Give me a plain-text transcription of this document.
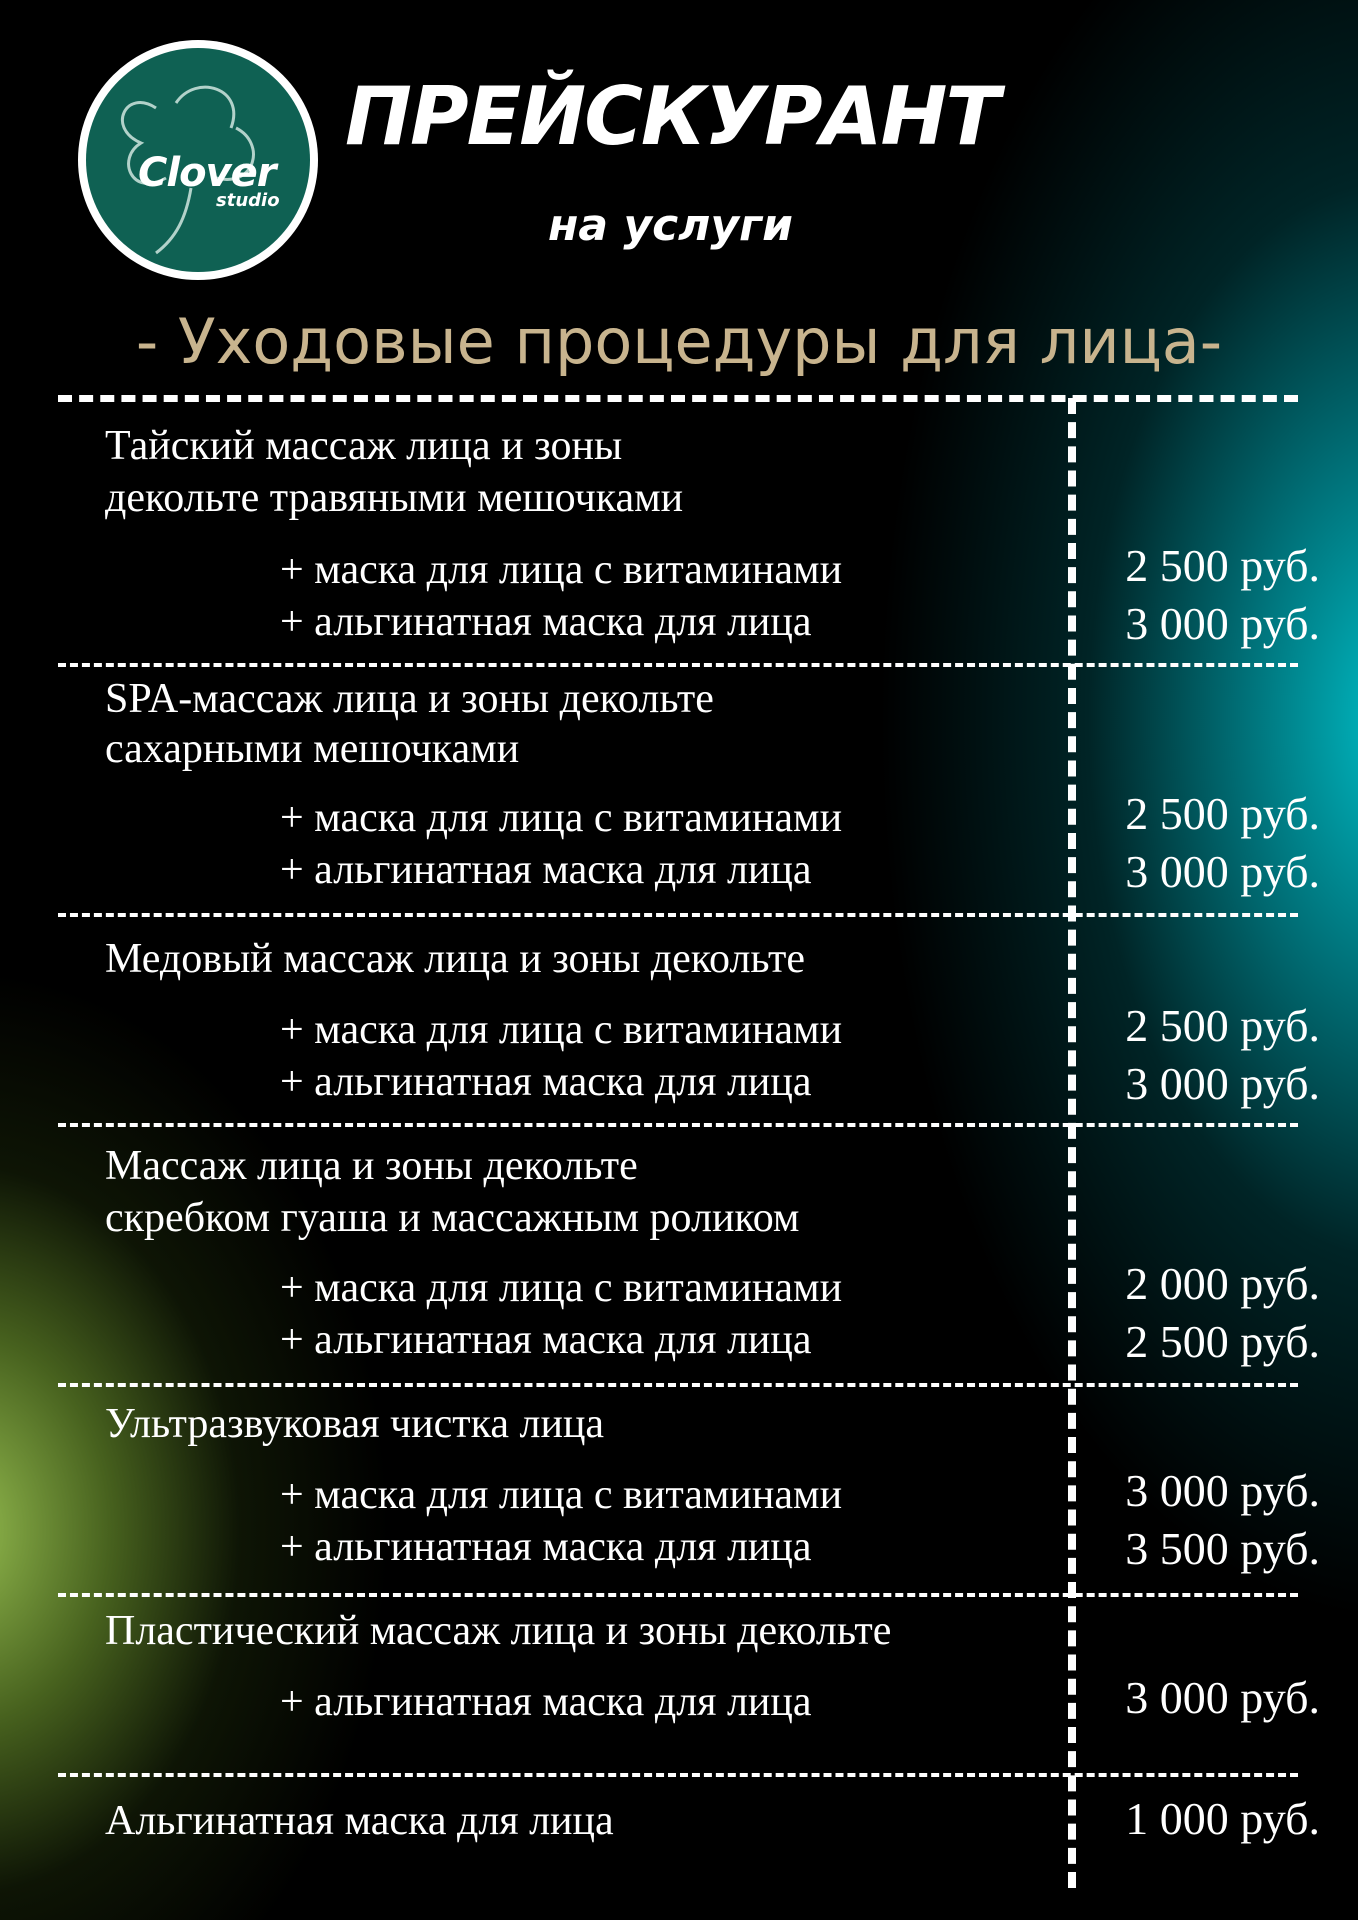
Clover
studio
ПРЕЙСКУРАНТ
на услуги
- Уходовые процедуры для лица-
Тайский массаж лица и зоны
декольте травяными мешочками
+ маска для лица с витаминами
+ альгинатная маска для лица
2 500 руб.
3 000 руб.
SPA-массаж лица и зоны декольте
сахарными мешочками
+ маска для лица с витаминами
+ альгинатная маска для лица
2 500 руб.
3 000 руб.
Медовый массаж лица и зоны декольте
+ маска для лица с витаминами
+ альгинатная маска для лица
2 500 руб.
3 000 руб.
Массаж лица и зоны декольте
скребком гуаша и массажным роликом
+ маска для лица с витаминами
+ альгинатная маска для лица
2 000 руб.
2 500 руб.
Ультразвуковая чистка лица
+ маска для лица с витаминами
+ альгинатная маска для лица
3 000 руб.
3 500 руб.
Пластический массаж лица и зоны декольте
+ альгинатная маска для лица	3 000 руб.
Альгинатная маска для лица	1 000 руб.
